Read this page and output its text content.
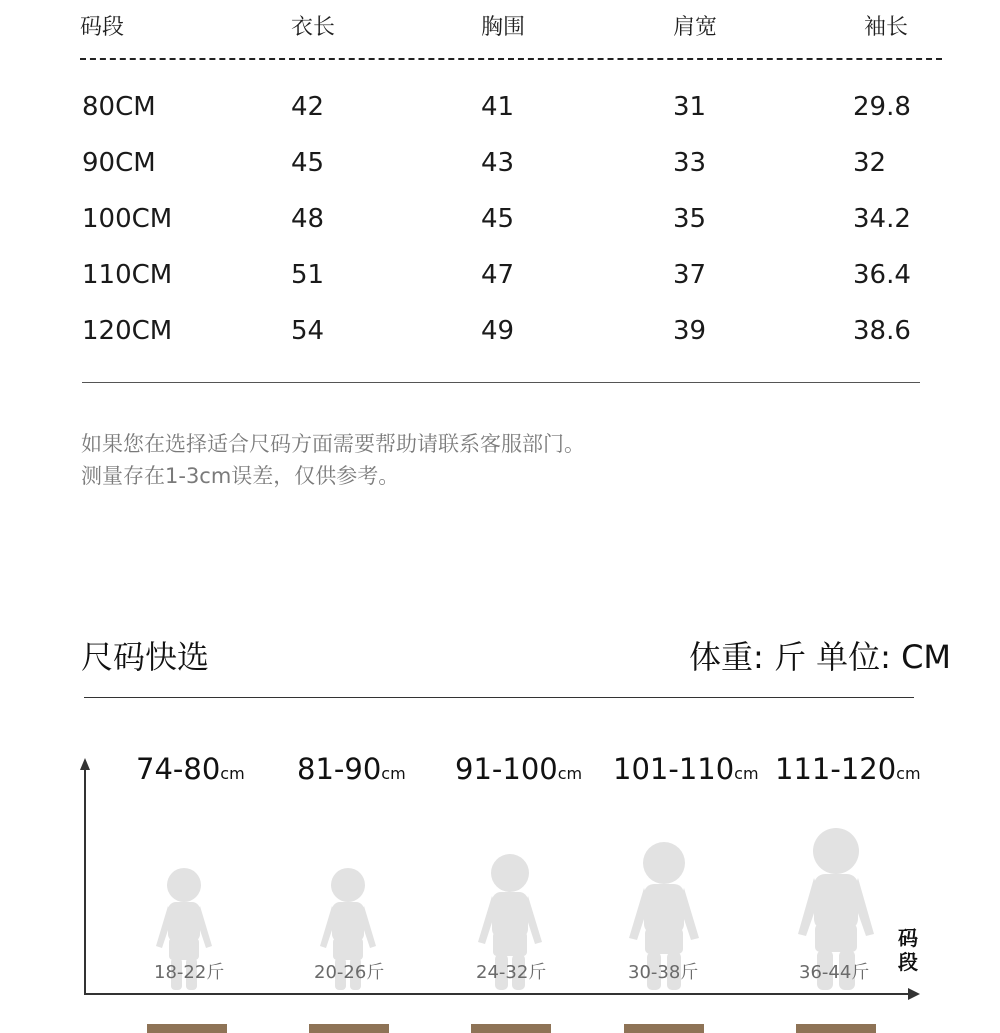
码段	衣长	胸围	肩宽	袖长
80CM	42	41	31	29.8
90CM	45	43	33	32
100CM	48	45	35	34.2
110CM	51	47	37	36.4
120CM	54	49	39	38.6
如果您在选择适合尺码方面需要帮助请联系客服部门。
测量存在1-3cm误差，仅供参考。
尺码快选	体重: 斤 单位: CM
74-80cm 81-90cm 91-100cm 101-110cm 111-120cm
码段
18-22斤	20-26斤	24-32斤	30-38斤	36-44斤
